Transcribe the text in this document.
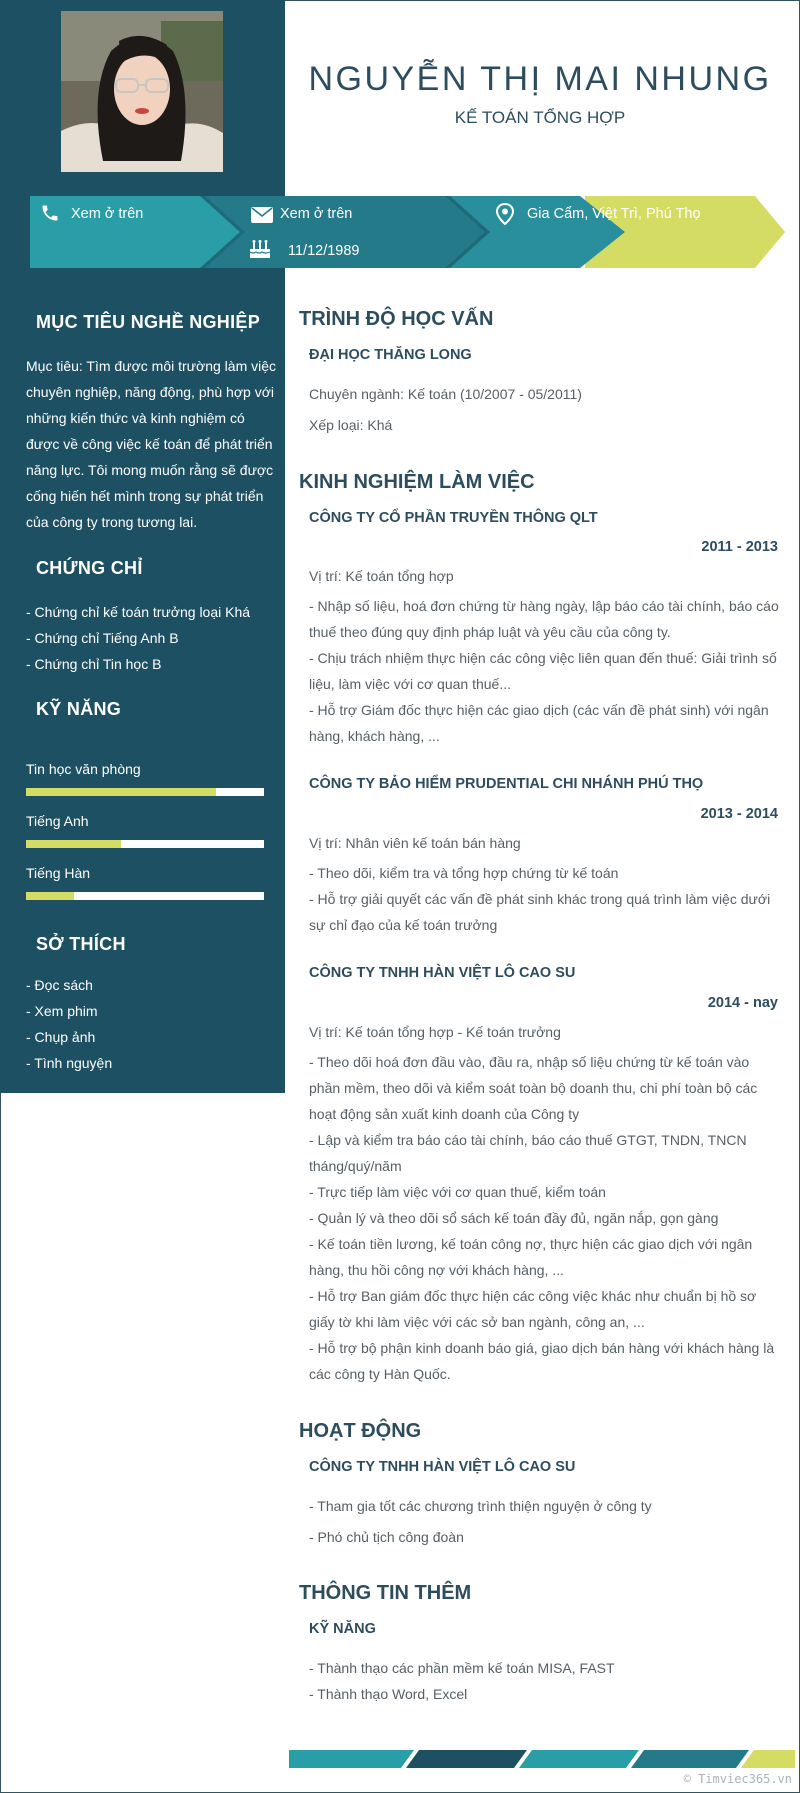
NGUYỄN THỊ MAI NHUNG
KẾ TOÁN TỔNG HỢP
Xem ở trên	Xem ở trên
11/12/1989
Gia Cẩm, Việt Trì, Phú Thọ
MỤC TIÊU NGHỀ NGHIỆP
Mục tiêu: Tìm được môi trường làm việc chuyên nghiệp, năng động, phù hợp với những kiến thức và kinh nghiệm có được về công việc kế toán để phát triển năng lực. Tôi mong muốn rằng sẽ được cống hiến hết mình trong sự phát triển của công ty trong tương lai.
CHỨNG CHỈ
- Chứng chỉ kế toán trưởng loại Khá
- Chứng chỉ Tiếng Anh B
- Chứng chỉ Tin học B
KỸ NĂNG
Tin học văn phòng
Tiếng Anh
Tiếng Hàn
SỞ THÍCH
- Đọc sách
- Xem phim
- Chụp ảnh
- Tình nguyện
TRÌNH ĐỘ HỌC VẤN
ĐẠI HỌC THĂNG LONG
Chuyên ngành: Kế toán (10/2007 - 05/2011)
Xếp loại: Khá
KINH NGHIỆM LÀM VIỆC
CÔNG TY CỔ PHẦN TRUYỀN THÔNG QLT
2011 - 2013
Vị trí: Kế toán tổng hợp
- Nhập số liệu, hoá đơn chứng từ hàng ngày, lập báo cáo tài chính, báo cáo thuế theo đúng quy định pháp luật và yêu cầu của công ty.
- Chịu trách nhiệm thực hiện các công việc liên quan đến thuế: Giải trình số liệu, làm việc với cơ quan thuế...
- Hỗ trợ Giám đốc thực hiện các giao dịch (các vấn đề phát sinh) với ngân hàng, khách hàng, ...
CÔNG TY BẢO HIỂM PRUDENTIAL CHI NHÁNH PHÚ THỌ
2013 - 2014
Vị trí: Nhân viên kế toán bán hàng
- Theo dõi, kiểm tra và tổng hợp chứng từ kế toán
- Hỗ trợ giải quyết các vấn đề phát sinh khác trong quá trình làm việc dưới sự chỉ đạo của kế toán trưởng
CÔNG TY TNHH HÀN VIỆT LÔ CAO SU
2014 - nay
Vị trí: Kế toán tổng hợp - Kế toán trưởng
- Theo dõi hoá đơn đầu vào, đầu ra, nhập số liệu chứng từ kế toán vào phần mềm, theo dõi và kiểm soát toàn bộ doanh thu, chi phí toàn bộ các hoạt động sản xuất kinh doanh của Công ty
- Lập và kiểm tra báo cáo tài chính, báo cáo thuế GTGT, TNDN, TNCN tháng/quý/năm
- Trực tiếp làm việc với cơ quan thuế, kiểm toán
- Quản lý và theo dõi sổ sách kế toán đầy đủ, ngăn nắp, gọn gàng
- Kế toán tiền lương, kế toán công nợ, thực hiện các giao dịch với ngân hàng, thu hồi công nợ với khách hàng, ...
- Hỗ trợ Ban giám đốc thực hiện các công việc khác như chuẩn bị hồ sơ giấy tờ khi làm việc với các sở ban ngành, công an, ...
- Hỗ trợ bộ phận kinh doanh báo giá, giao dịch bán hàng với khách hàng là các công ty Hàn Quốc.
HOẠT ĐỘNG
CÔNG TY TNHH HÀN VIỆT LÔ CAO SU
- Tham gia tốt các chương trình thiện nguyện ở công ty
- Phó chủ tịch công đoàn
THÔNG TIN THÊM
KỸ NĂNG
- Thành thạo các phần mềm kế toán MISA, FAST
- Thành thạo Word, Excel
© Timviec365.vn
